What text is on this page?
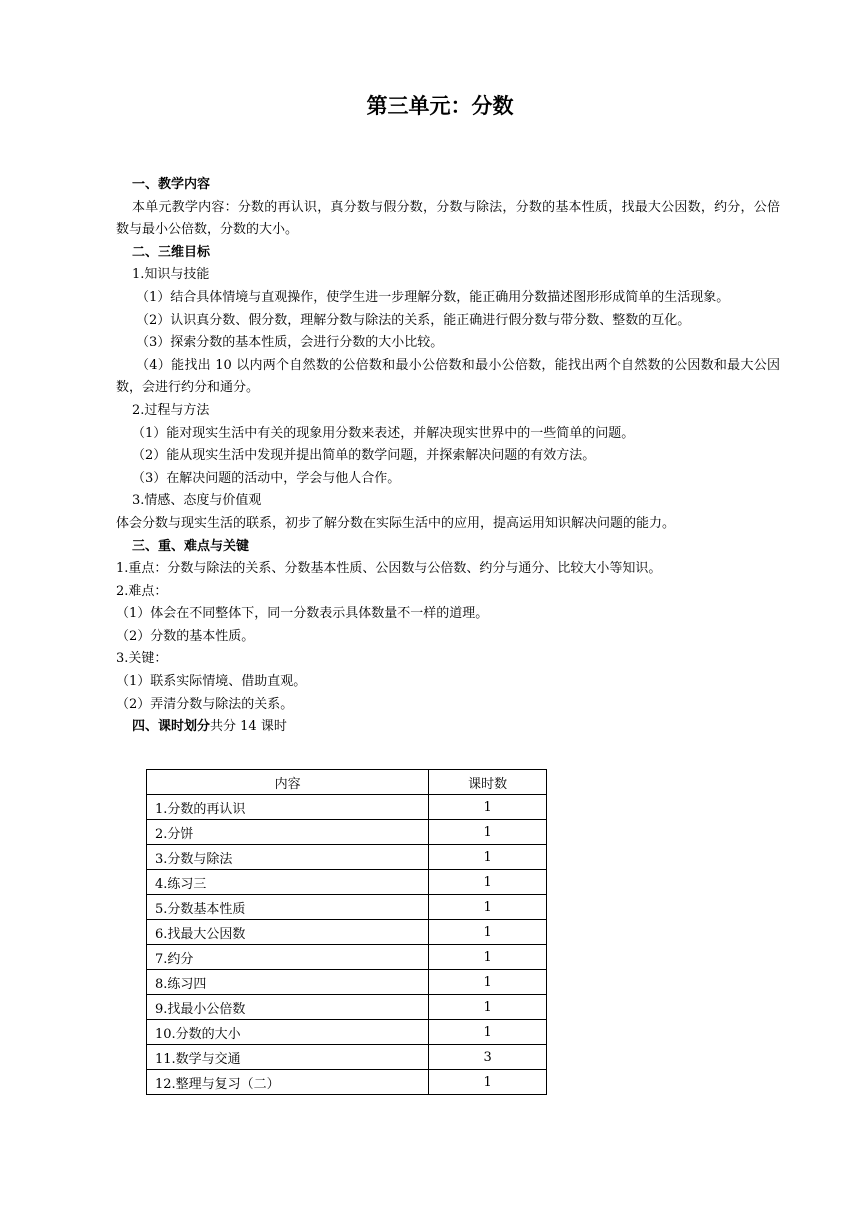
第三单元：分数

一、教学内容

本单元教学内容：分数的再认识，真分数与假分数，分数与除法，分数的基本性质，找最大公因数，约分，公倍数与最小公倍数，分数的大小。

二、三维目标

1.知识与技能

（1）结合具体情境与直观操作，使学生进一步理解分数，能正确用分数描述图形形成简单的生活现象。

（2）认识真分数、假分数，理解分数与除法的关系，能正确进行假分数与带分数、整数的互化。

（3）探索分数的基本性质，会进行分数的大小比较。

（4）能找出 10 以内两个自然数的公倍数和最小公倍数和最小公倍数，能找出两个自然数的公因数和最大公因数，会进行约分和通分。

2.过程与方法

（1）能对现实生活中有关的现象用分数来表述，并解决现实世界中的一些简单的问题。

（2）能从现实生活中发现并提出简单的数学问题，并探索解决问题的有效方法。

（3）在解决问题的活动中，学会与他人合作。

3.情感、态度与价值观

体会分数与现实生活的联系，初步了解分数在实际生活中的应用，提高运用知识解决问题的能力。

三、重、难点与关键

1.重点：分数与除法的关系、分数基本性质、公因数与公倍数、约分与通分、比较大小等知识。

2.难点：

（1）体会在不同整体下，同一分数表示具体数量不一样的道理。

（2）分数的基本性质。

3.关键：

（1）联系实际情境、借助直观。

（2）弄清分数与除法的关系。

四、课时划分共分 14 课时

内容	课时数
1.分数的再认识	1
2.分饼	1
3.分数与除法	1
4.练习三	1
5.分数基本性质	1
6.找最大公因数	1
7.约分	1
8.练习四	1
9.找最小公倍数	1
10.分数的大小	1
11.数学与交通	3
12.整理与复习（二）	1
